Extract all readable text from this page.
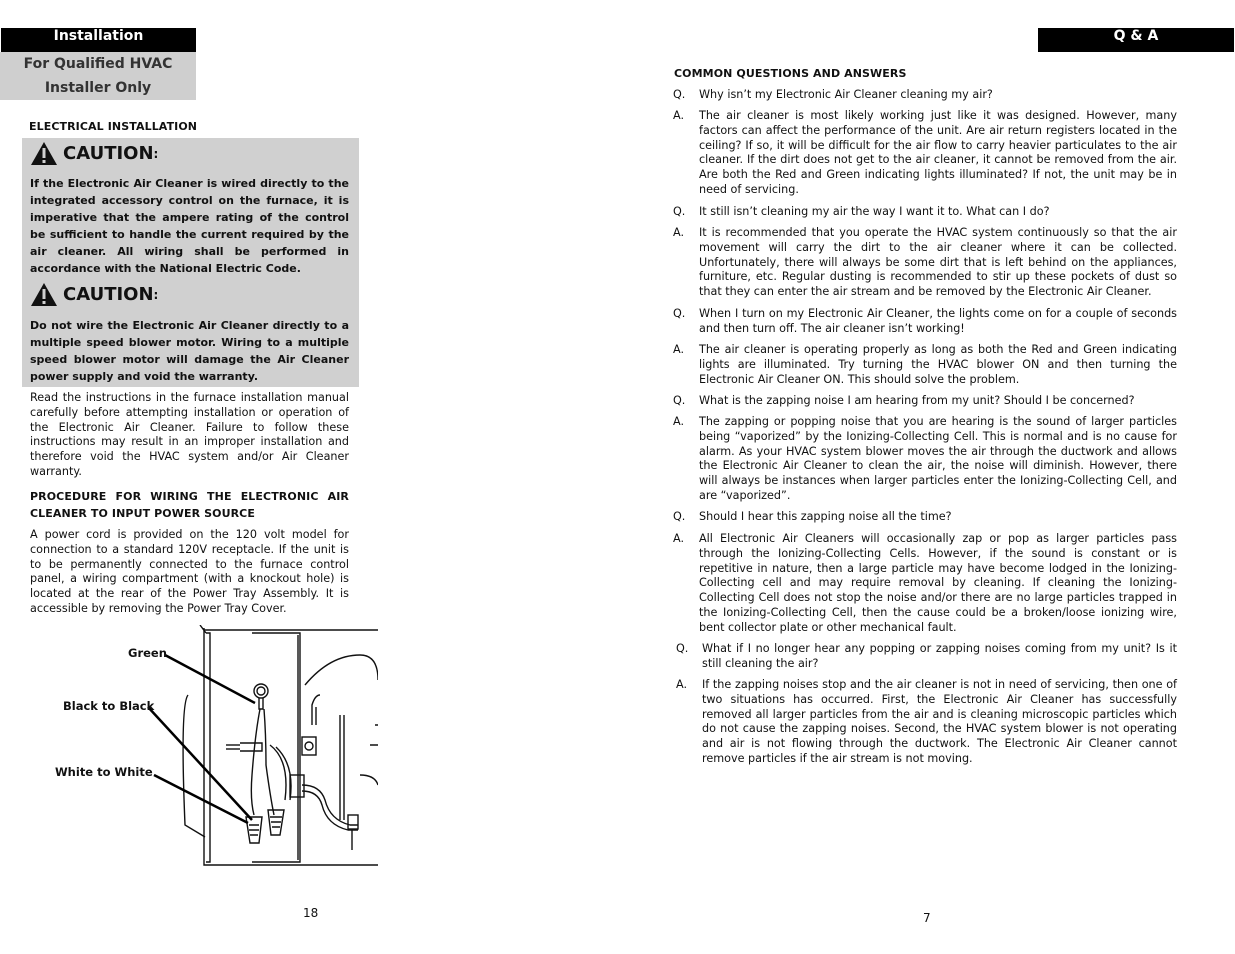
Installation
For Qualified HVAC
Installer Only
ELECTRICAL INSTALLATION
CAUTION :
If the Electronic Air Cleaner is wired directly to the integrated accessory control on the furnace, it is imperative that the ampere rating of the control be sufficient to handle the current required by the air cleaner. All wiring shall be performed in accordance with the National Electric Code.
CAUTION :
Do not wire the Electronic Air Cleaner directly to a multiple speed blower motor. Wiring to a multiple speed blower motor will damage the Air Cleaner power supply and void the warranty.
Read the instructions in the furnace installation manual carefully before attempting installation or operation of the Electronic Air Cleaner. Failure to follow these instructions may result in an improper installation and therefore void the HVAC system and/or Air Cleaner warranty.
PROCEDURE FOR WIRING THE ELECTRONIC AIR CLEANER TO INPUT POWER SOURCE
A power cord is provided on the 120 volt model for connection to a standard 120V receptacle. If the unit is to be permanently connected to the furnace control panel, a wiring compartment (with a knockout hole) is located at the rear of the Power Tray Assembly. It is accessible by removing the Power Tray Cover.
Green
Black to Black
White to White
18
Q & A
COMMON QUESTIONS AND ANSWERS
Q.	Why isn’t my Electronic Air Cleaner cleaning my air?
A.	The air cleaner is most likely working just like it was designed. However, many factors can affect the performance of the unit. Are air return registers located in the ceiling? If so, it will be difficult for the air flow to carry heavier particulates to the air cleaner. If the dirt does not get to the air cleaner, it cannot be removed from the air. Are both the Red and Green indicating lights illuminated? If not, the unit may be in need of servicing.
Q.	It still isn’t cleaning my air the way I want it to. What can I do?
A.	It is recommended that you operate the HVAC system continuously so that the air movement will carry the dirt to the air cleaner where it can be collected. Unfortunately, there will always be some dirt that is left behind on the appliances, furniture, etc. Regular dusting is recommended to stir up these pockets of dust so that they can enter the air stream and be removed by the Electronic Air Cleaner.
Q.	When I turn on my Electronic Air Cleaner, the lights come on for a couple of seconds and then turn off. The air cleaner isn’t working!
A.	The air cleaner is operating properly as long as both the Red and Green indicating lights are illuminated. Try turning the HVAC blower ON and then turning the Electronic Air Cleaner ON. This should solve the problem.
Q.	What is the zapping noise I am hearing from my unit? Should I be concerned?
A.	The zapping or popping noise that you are hearing is the sound of larger particles being “vaporized” by the Ionizing-Collecting Cell. This is normal and is no cause for alarm. As your HVAC system blower moves the air through the ductwork and allows the Electronic Air Cleaner to clean the air, the noise will diminish. However, there will always be instances when larger particles enter the Ionizing-Collecting Cell, and are “vaporized”.
Q.	Should I hear this zapping noise all the time?
A.	All Electronic Air Cleaners will occasionally zap or pop as larger particles pass through the Ionizing-Collecting Cells. However, if the sound is constant or is repetitive in nature, then a large particle may have become lodged in the Ionizing-Collecting cell and may require removal by cleaning. If cleaning the Ionizing-Collecting Cell does not stop the noise and/or there are no large particles trapped in the Ionizing-Collecting Cell, then the cause could be a broken/loose ionizing wire, bent collector plate or other mechanical fault.
Q.	What if I no longer hear any popping or zapping noises coming from my unit? Is it still cleaning the air?
A.	If the zapping noises stop and the air cleaner is not in need of servicing, then one of two situations has occurred. First, the Electronic Air Cleaner has successfully removed all larger particles from the air and is cleaning microscopic particles which do not cause the zapping noises. Second, the HVAC system blower is not operating and air is not flowing through the ductwork. The Electronic Air Cleaner cannot remove particles if the air stream is not moving.
7
